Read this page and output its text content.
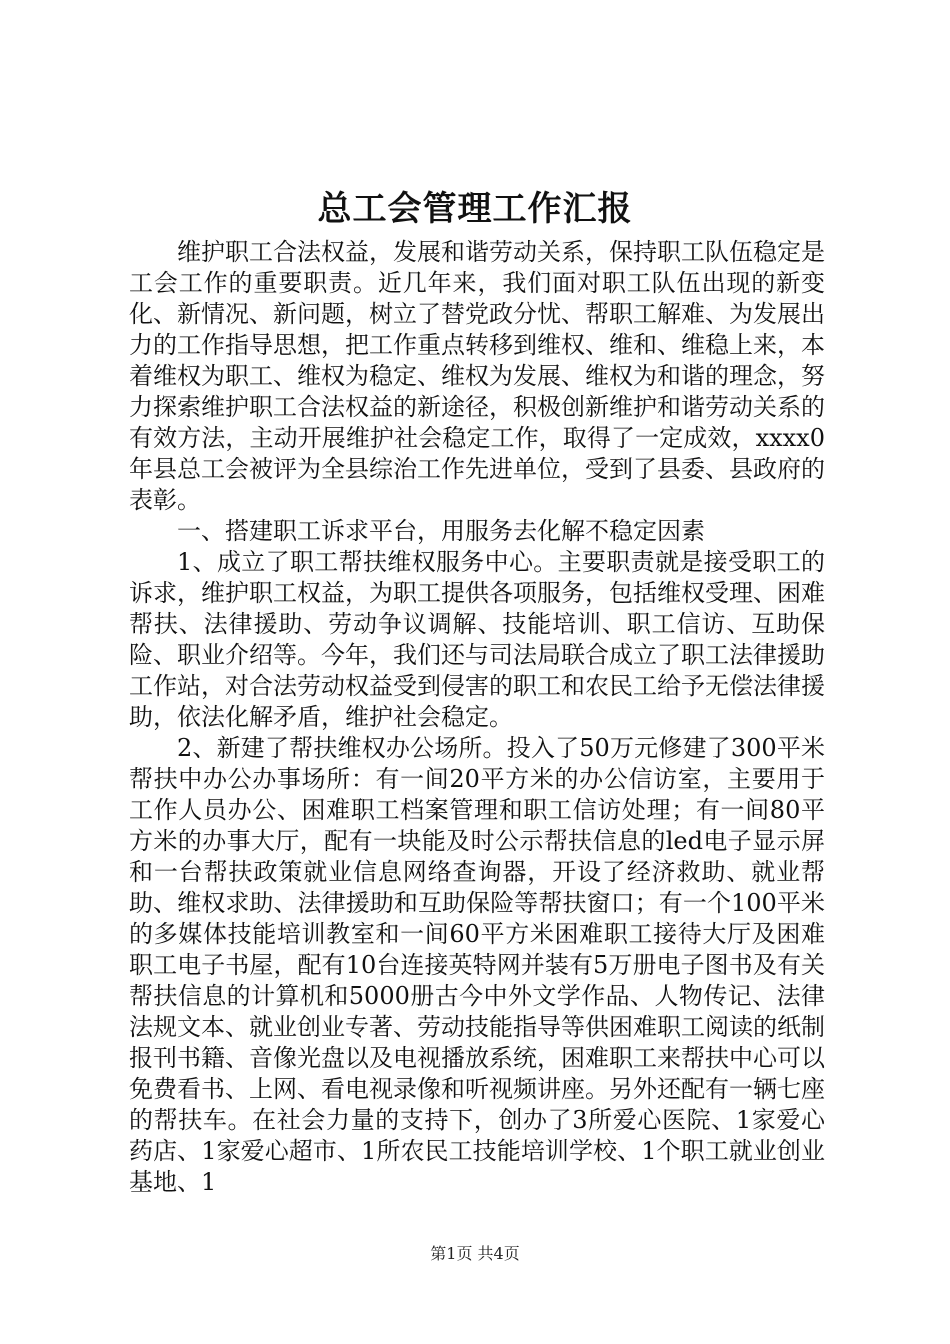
总工会管理工作汇报

维护职工合法权益，发展和谐劳动关系，保持职工队伍稳定是工会工作的重要职责。近几年来，我们面对职工队伍出现的新变化、新情况、新问题，树立了替党政分忧、帮职工解难、为发展出力的工作指导思想，把工作重点转移到维权、维和、维稳上来，本着维权为职工、维权为稳定、维权为发展、维权为和谐的理念，努力探索维护职工合法权益的新途径，积极创新维护和谐劳动关系的有效方法，主动开展维护社会稳定工作，取得了一定成效，xxxx0年县总工会被评为全县综治工作先进单位，受到了县委、县政府的表彰。

一、搭建职工诉求平台，用服务去化解不稳定因素

1、成立了职工帮扶维权服务中心。主要职责就是接受职工的诉求，维护职工权益，为职工提供各项服务，包括维权受理、困难帮扶、法律援助、劳动争议调解、技能培训、职工信访、互助保险、职业介绍等。今年，我们还与司法局联合成立了职工法律援助工作站，对合法劳动权益受到侵害的职工和农民工给予无偿法律援助，依法化解矛盾，维护社会稳定。

2、新建了帮扶维权办公场所。投入了50万元修建了300平米帮扶中办公办事场所：有一间20平方米的办公信访室，主要用于工作人员办公、困难职工档案管理和职工信访处理；有一间80平方米的办事大厅，配有一块能及时公示帮扶信息的led电子显示屏和一台帮扶政策就业信息网络查询器，开设了经济救助、就业帮助、维权求助、法律援助和互助保险等帮扶窗口；有一个100平米的多媒体技能培训教室和一间60平方米困难职工接待大厅及困难职工电子书屋，配有10台连接英特网并装有5万册电子图书及有关帮扶信息的计算机和5000册古今中外文学作品、人物传记、法律法规文本、就业创业专著、劳动技能指导等供困难职工阅读的纸制报刊书籍、音像光盘以及电视播放系统，困难职工来帮扶中心可以免费看书、上网、看电视录像和听视频讲座。另外还配有一辆七座的帮扶车。在社会力量的支持下，创办了3所爱心医院、1家爱心药店、1家爱心超市、1所农民工技能培训学校、1个职工就业创业基地、1

第1页 共4页
